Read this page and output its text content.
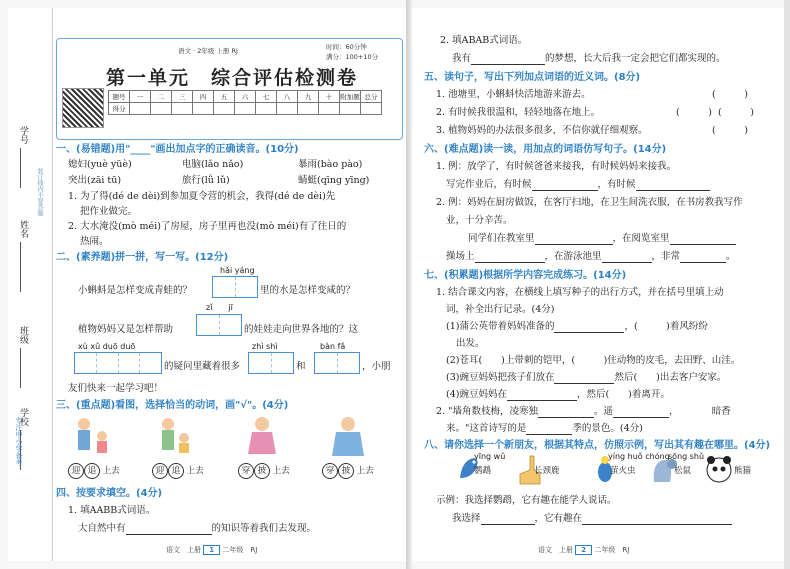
学号
姓名
班级
学校
装订线内不要答题
专注中小学备考
语文 · 2年级 上册 RJ	时间：60分钟
满分：100+10分
第一单元　综合评估检测卷
题号	一	二	三	四	五	六	七	八	九	十	附加题	总分
得分												
一、(易错题)用"____"画出加点字的正确读音。(10分)
媳妇(yuè yüè)	电脑(lǎo nǎo)	暴雨(bào pào)
突出(zāi tū)	旅行(lǚ lǔ)	蜻蜓(qīng yīng)
1. 为了得(dé de dèi)到参加夏令营的机会，我得(dé de dèi)先
把作业做完。
2. 大水淹没(mò méi)了房屋，房子里再也没(mò méi)有了往日的
热闹。
二、(素养题)拼一拼，写一写。(12分)
hǎi yáng
小蝌蚪是怎样变成青蛙的？	里的水是怎样变咸的？
zǐ　　jī
植物妈妈又是怎样帮助	的娃娃走向世界各地的？这
xù xǔ duō duō
的疑问里藏着很多
zhì shì
和
bàn fǎ
，小朋
友们快来一起学习吧！
三、(重点题)看图，选择恰当的动词，画"√"。(4分)
迎 追 上去	迎 追 上去	穿 披 上去	穿 披 上去
四、按要求填空。(4分)
1. 填AABB式词语。
大自然中有	的知识等着我们去发现。
语文　上册 1 二年级　RJ
2. 填ABAB式词语。
我有	的梦想，长大后我一定会把它们都实现的。
五、读句子，写出下列加点词语的近义词。(8分)
1. 池塘里，小蝌蚪快活地游来游去。	(　　　)
2. 有时候我很温和，轻轻地落在地上。	(　　　) (　　　)
3. 植物妈妈的办法很多很多，不信你就仔细观察。	(　　　)
六、(难点题)读一读，用加点的词语仿写句子。(14分)
1. 例：放学了，有时候爸爸来接我，有时候妈妈来接我。
写完作业后，有时候	，有时候
2. 例：妈妈在厨房做饭，在客厅扫地，在卫生间洗衣服，在书房教我写作
业，十分辛苦。
同学们在教室里	，在阅览室里
操场上	，在游泳池里	，非常	。
七、(积累题)根据所学内容完成练习。(14分)
1. 结合课文内容，在横线上填写种子的出行方式，并在括号里填上动
词，补全出行记录。(4分)
(1)蒲公英带着妈妈准备的	，(　　　)着风纷纷
出发。
(2)苍耳(　　)上带刺的铠甲，(　　　)住动物的皮毛，去田野、山洼。
(3)豌豆妈妈把孩子们放在	然后(　　)出去客户安家。
(4)豌豆妈妈在	，然后(　　)着离开。
2. "墙角数枝梅，凌寒独	。遥	，　　　　暗香
来。"这首诗写的是	季的景色。(4分)
八、请你选择一个新朋友，根据其特点，仿照示例，写出其有趣在哪里。(4分)
yīng wǔ
鹦鹉	长颈鹿
yíng huǒ chóng
萤火虫
sōng shǔ
松鼠	熊猫
示例：我选择鹦鹉，它有趣在能学人说话。
我选择	，它有趣在
语文　上册 2 二年级　RJ
